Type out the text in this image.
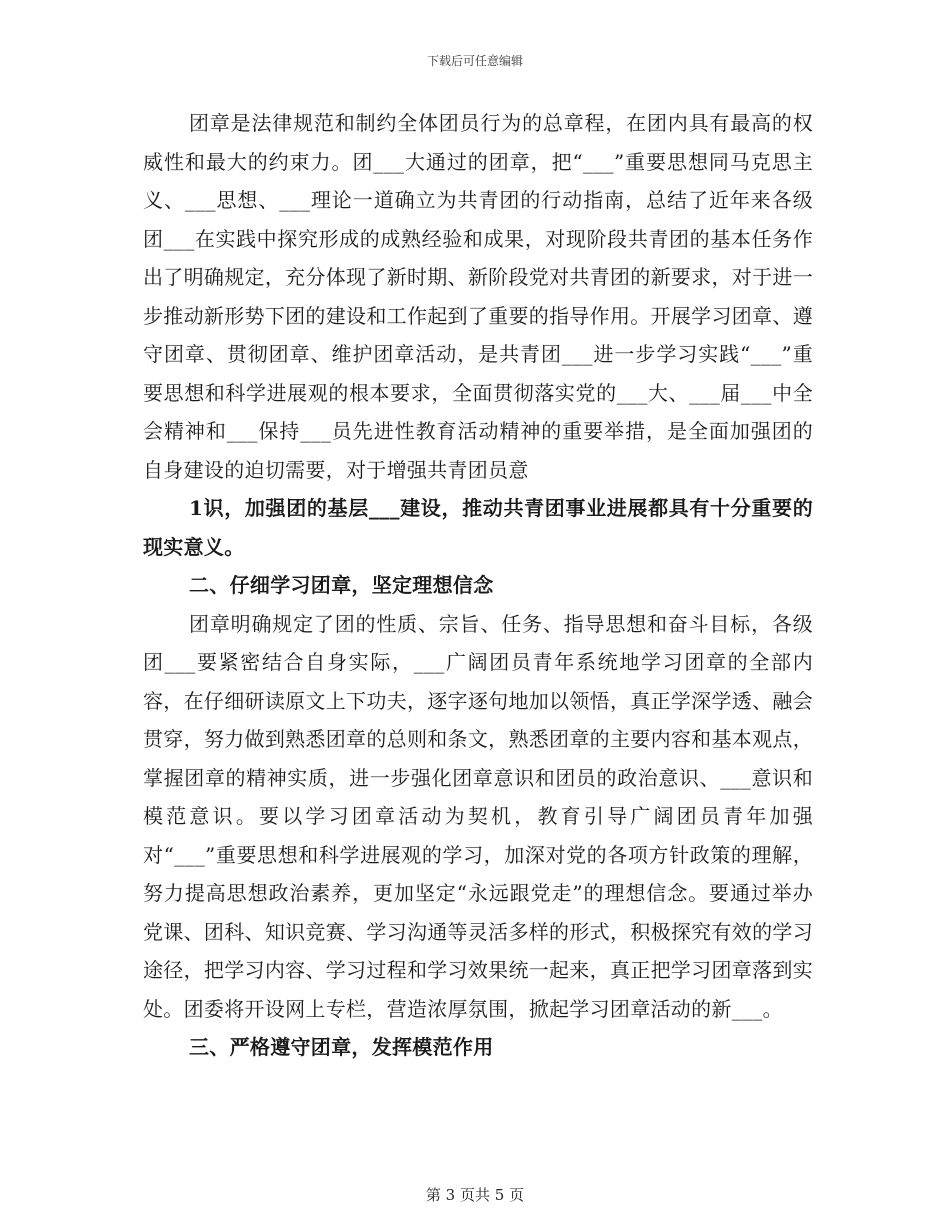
下载后可任意编辑

团章是法律规范和制约全体团员行为的总章程，在团内具有最高的权威性和最大的约束力。团___大通过的团章，把“___”重要思想同马克思主义、___思想、___理论一道确立为共青团的行动指南，总结了近年来各级团___在实践中探究形成的成熟经验和成果，对现阶段共青团的基本任务作出了明确规定，充分体现了新时期、新阶段党对共青团的新要求，对于进一步推动新形势下团的建设和工作起到了重要的指导作用。开展学习团章、遵守团章、贯彻团章、维护团章活动，是共青团___进一步学习实践“___”重要思想和科学进展观的根本要求，全面贯彻落实党的___大、___届___中全会精神和___保持___员先进性教育活动精神的重要举措，是全面加强团的自身建设的迫切需要，对于增强共青团员意

1识，加强团的基层___建设，推动共青团事业进展都具有十分重要的现实意义。

二、仔细学习团章，坚定理想信念

团章明确规定了团的性质、宗旨、任务、指导思想和奋斗目标，各级团___要紧密结合自身实际，___广阔团员青年系统地学习团章的全部内容，在仔细研读原文上下功夫，逐字逐句地加以领悟，真正学深学透、融会贯穿，努力做到熟悉团章的总则和条文，熟悉团章的主要内容和基本观点，掌握团章的精神实质，进一步强化团章意识和团员的政治意识、___意识和模范意识。要以学习团章活动为契机，教育引导广阔团员青年加强对“___”重要思想和科学进展观的学习，加深对党的各项方针政策的理解，努力提高思想政治素养，更加坚定“永远跟党走”的理想信念。要通过举办党课、团科、知识竞赛、学习沟通等灵活多样的形式，积极探究有效的学习途径，把学习内容、学习过程和学习效果统一起来，真正把学习团章落到实处。团委将开设网上专栏，营造浓厚氛围，掀起学习团章活动的新___。

三、严格遵守团章，发挥模范作用

第 3 页共 5 页
